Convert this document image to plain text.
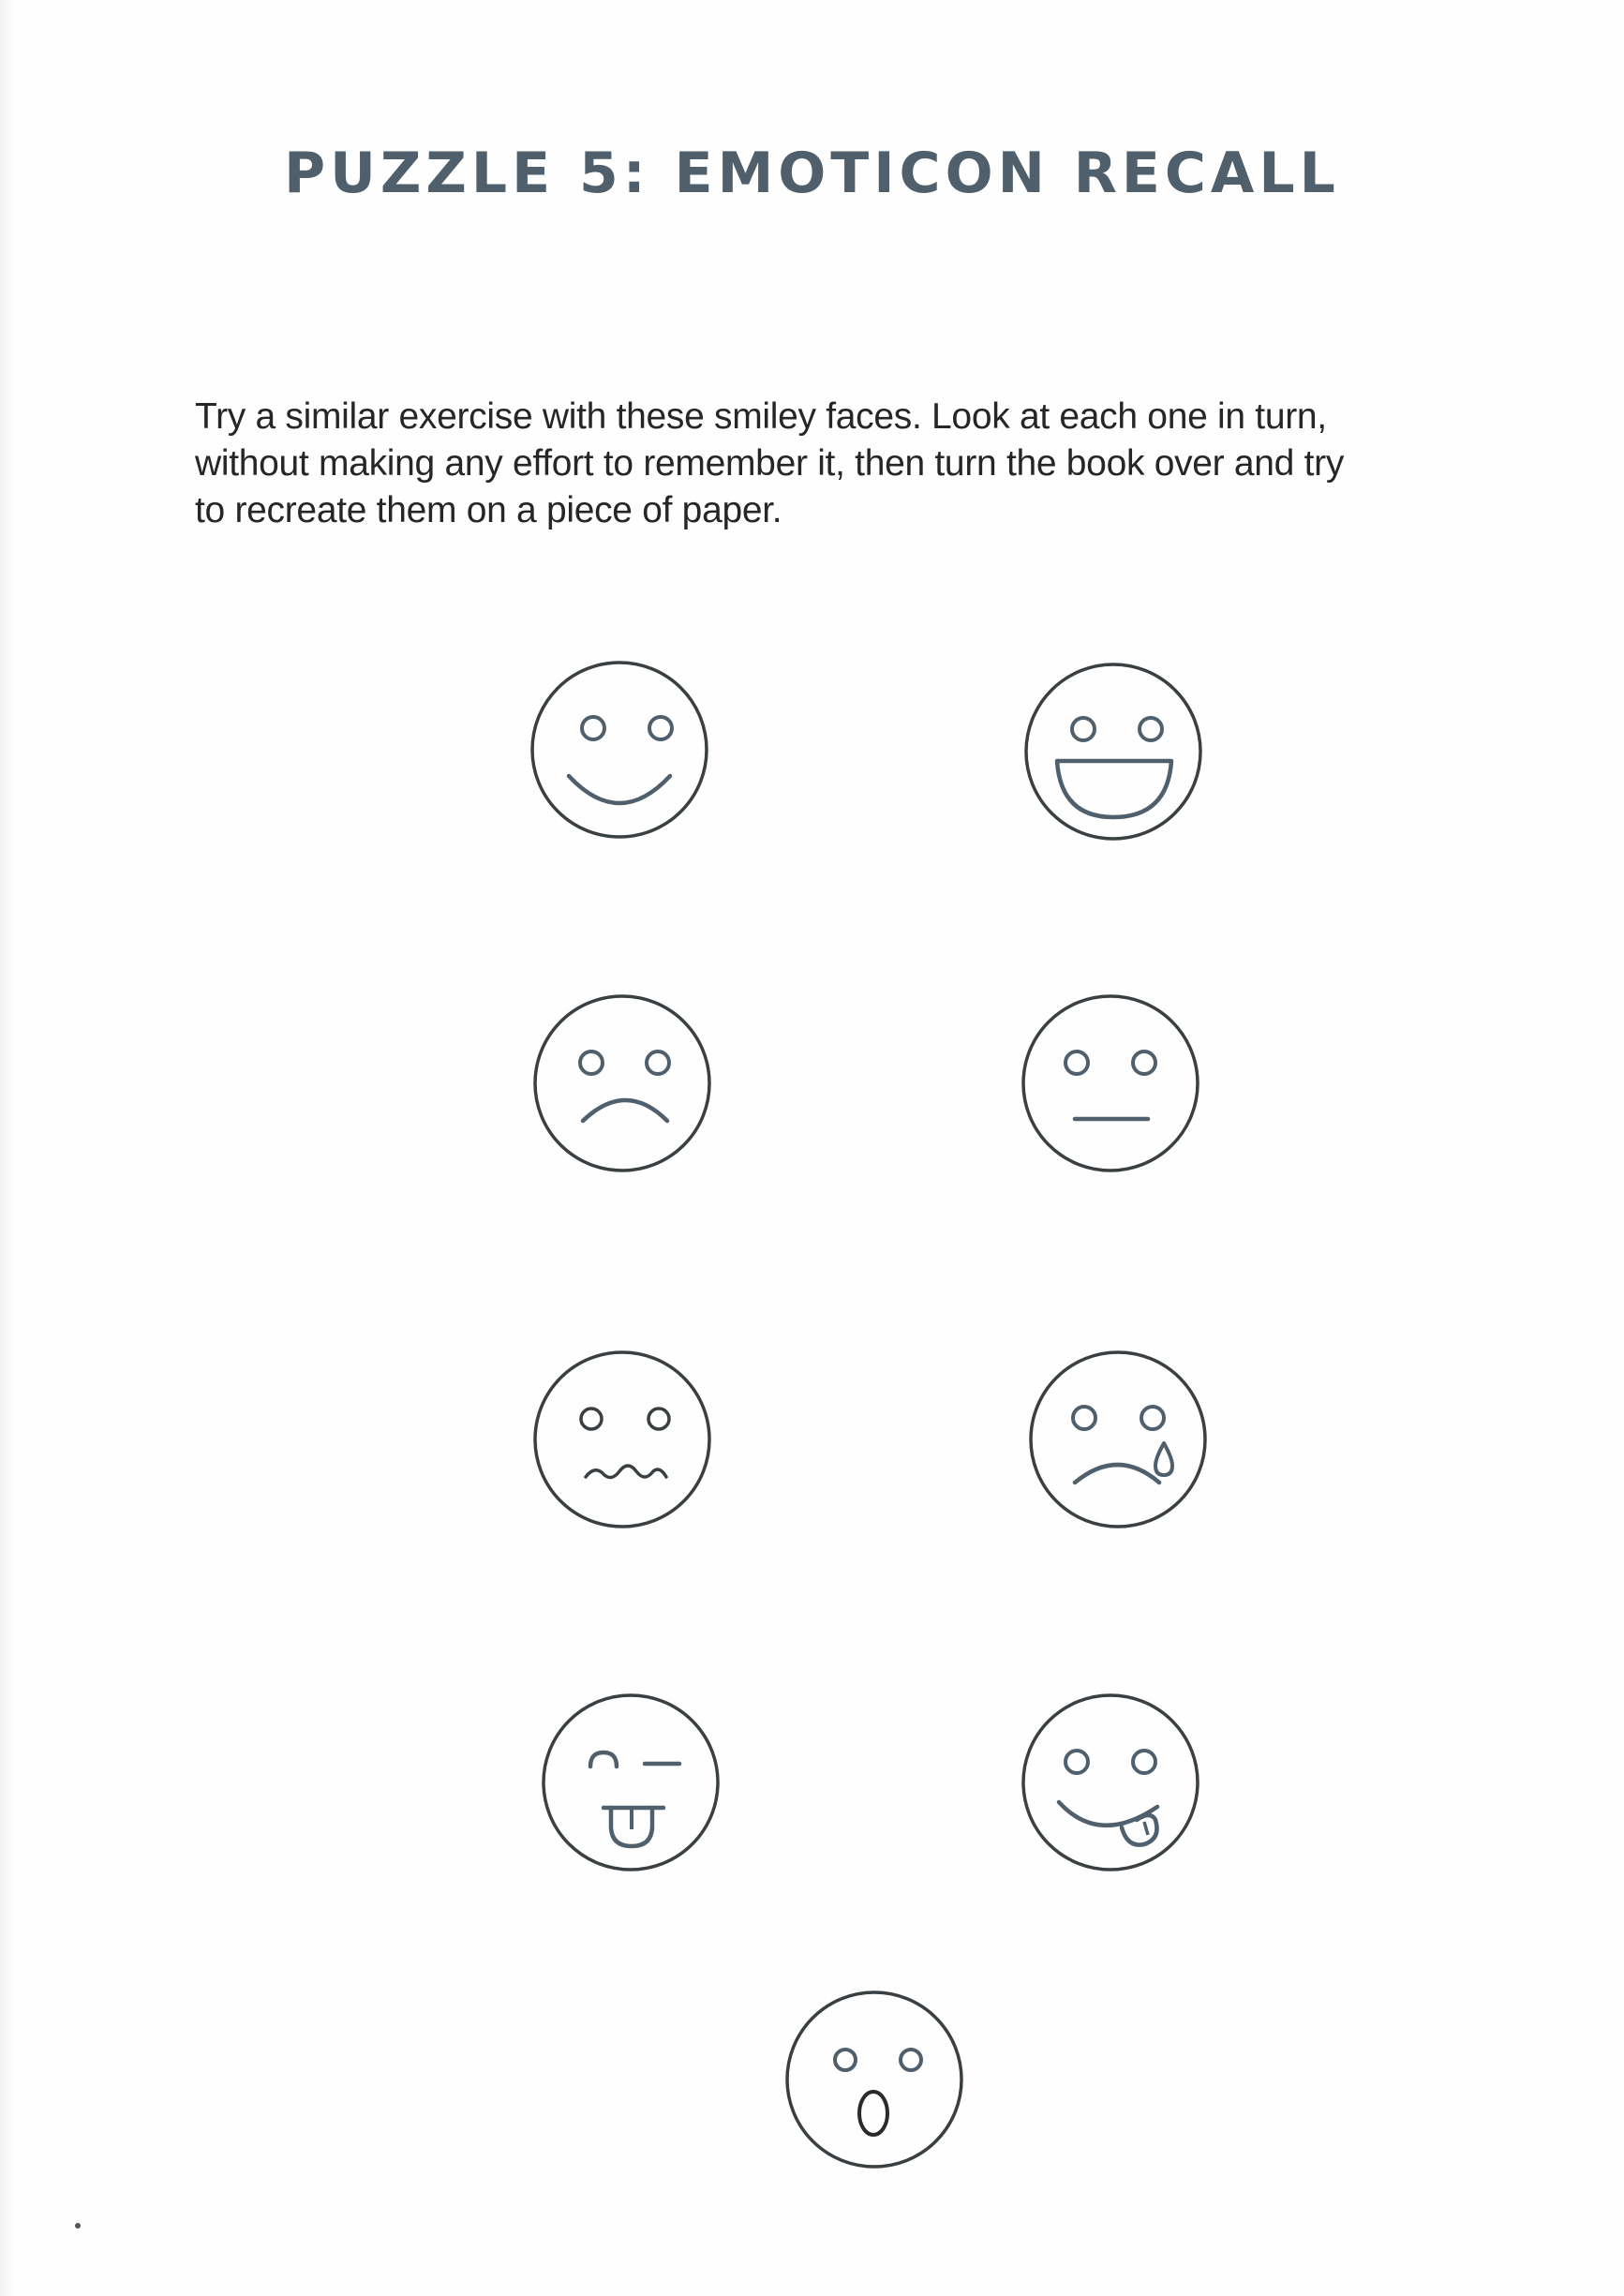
PUZZLE 5: EMOTICON RECALL
Try a similar exercise with these smiley faces. Look at each one in turn,
without making any effort to remember it, then turn the book over and try
to recreate them on a piece of paper.
